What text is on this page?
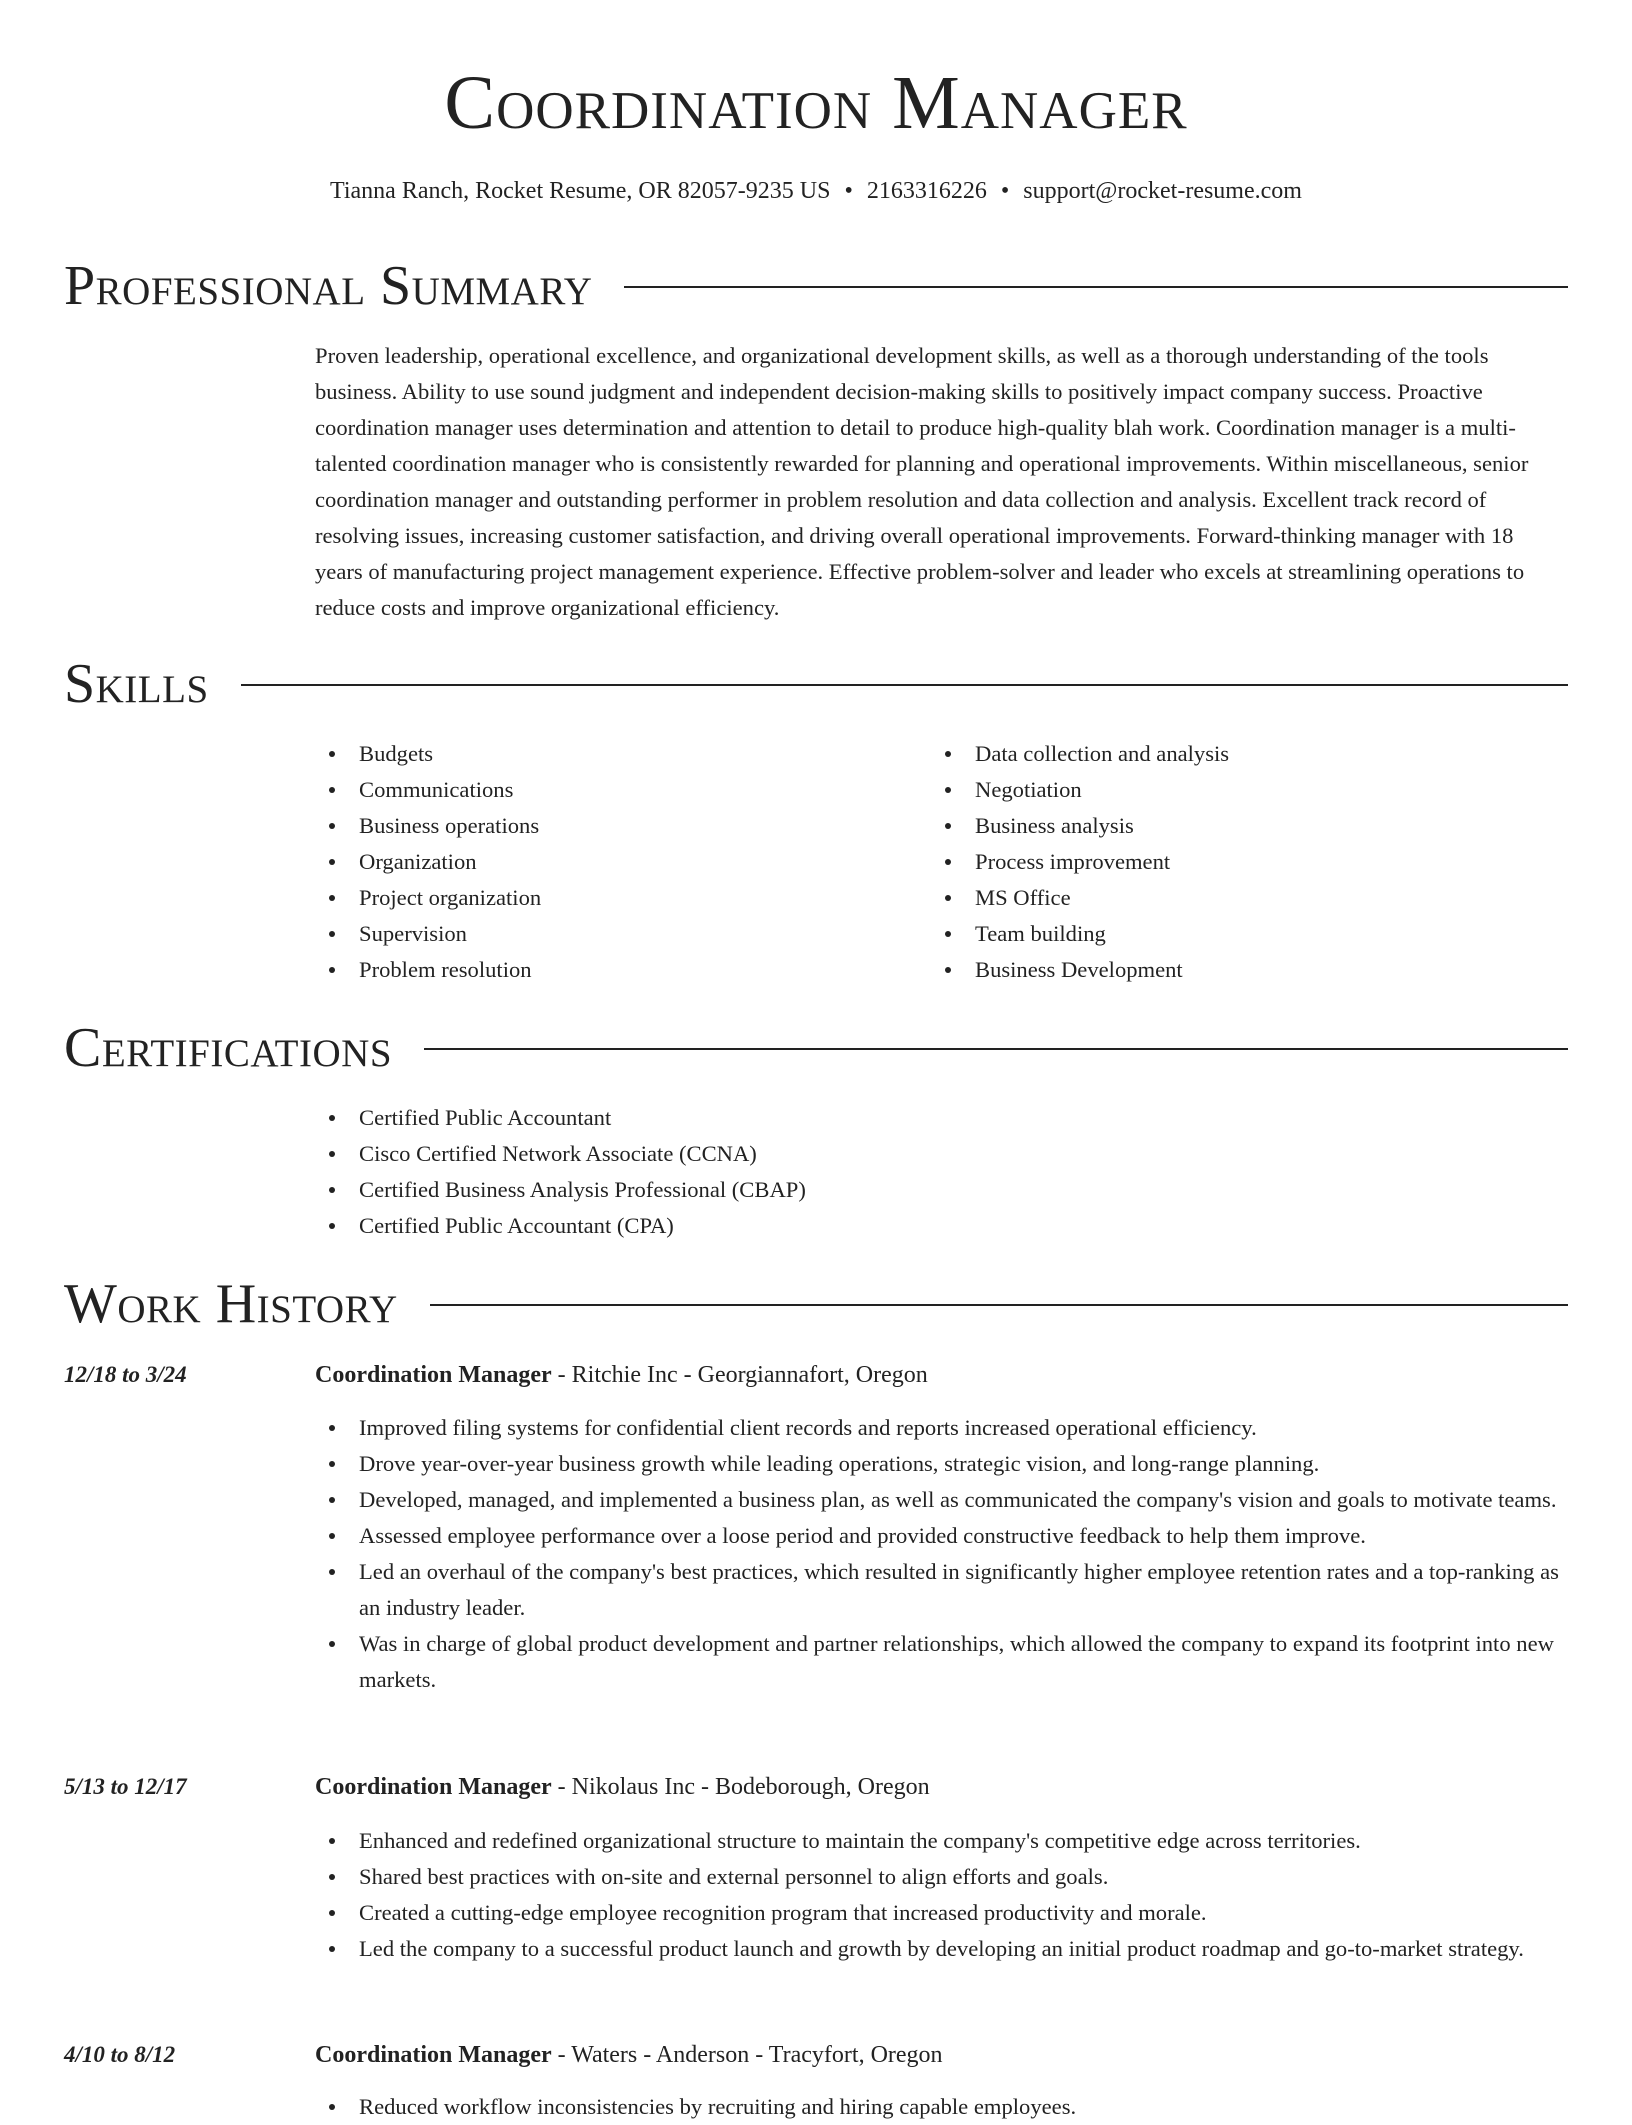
Coordination Manager
Tianna Ranch, Rocket Resume, OR 82057-9235 US • 2163316226 • support@rocket-resume.com
Professional Summary

Proven leadership, operational excellence, and organizational development skills, as well as a thorough understanding of the tools business. Ability to use sound judgment and independent decision-making skills to positively impact company success. Proactive coordination manager uses determination and attention to detail to produce high-quality blah work. Coordination manager is a multi-talented coordination manager who is consistently rewarded for planning and operational improvements. Within miscellaneous, senior coordination manager and outstanding performer in problem resolution and data collection and analysis. Excellent track record of resolving issues, increasing customer satisfaction, and driving overall operational improvements. Forward-thinking manager with 18 years of manufacturing project management experience. Effective problem-solver and leader who excels at streamlining operations to reduce costs and improve organizational efficiency.

Skills
Budgets
Communications
Business operations
Organization
Project organization
Supervision
Problem resolution
Data collection and analysis
Negotiation
Business analysis
Process improvement
MS Office
Team building
Business Development
Certifications
Certified Public Accountant
Cisco Certified Network Associate (CCNA)
Certified Business Analysis Professional (CBAP)
Certified Public Accountant (CPA)
Work History
12/18 to 3/24	Coordination Manager - Ritchie Inc - Georgiannafort, Oregon
Improved filing systems for confidential client records and reports increased operational efficiency.
Drove year-over-year business growth while leading operations, strategic vision, and long-range planning.
Developed, managed, and implemented a business plan, as well as communicated the company's vision and goals to motivate teams.
Assessed employee performance over a loose period and provided constructive feedback to help them improve.
Led an overhaul of the company's best practices, which resulted in significantly higher employee retention rates and a top-ranking as an industry leader.
Was in charge of global product development and partner relationships, which allowed the company to expand its footprint into new markets.
5/13 to 12/17	Coordination Manager - Nikolaus Inc - Bodeborough, Oregon
Enhanced and redefined organizational structure to maintain the company's competitive edge across territories.
Shared best practices with on-site and external personnel to align efforts and goals.
Created a cutting-edge employee recognition program that increased productivity and morale.
Led the company to a successful product launch and growth by developing an initial product roadmap and go-to-market strategy.
4/10 to 8/12	Coordination Manager - Waters - Anderson - Tracyfort, Oregon
Reduced workflow inconsistencies by recruiting and hiring capable employees.
